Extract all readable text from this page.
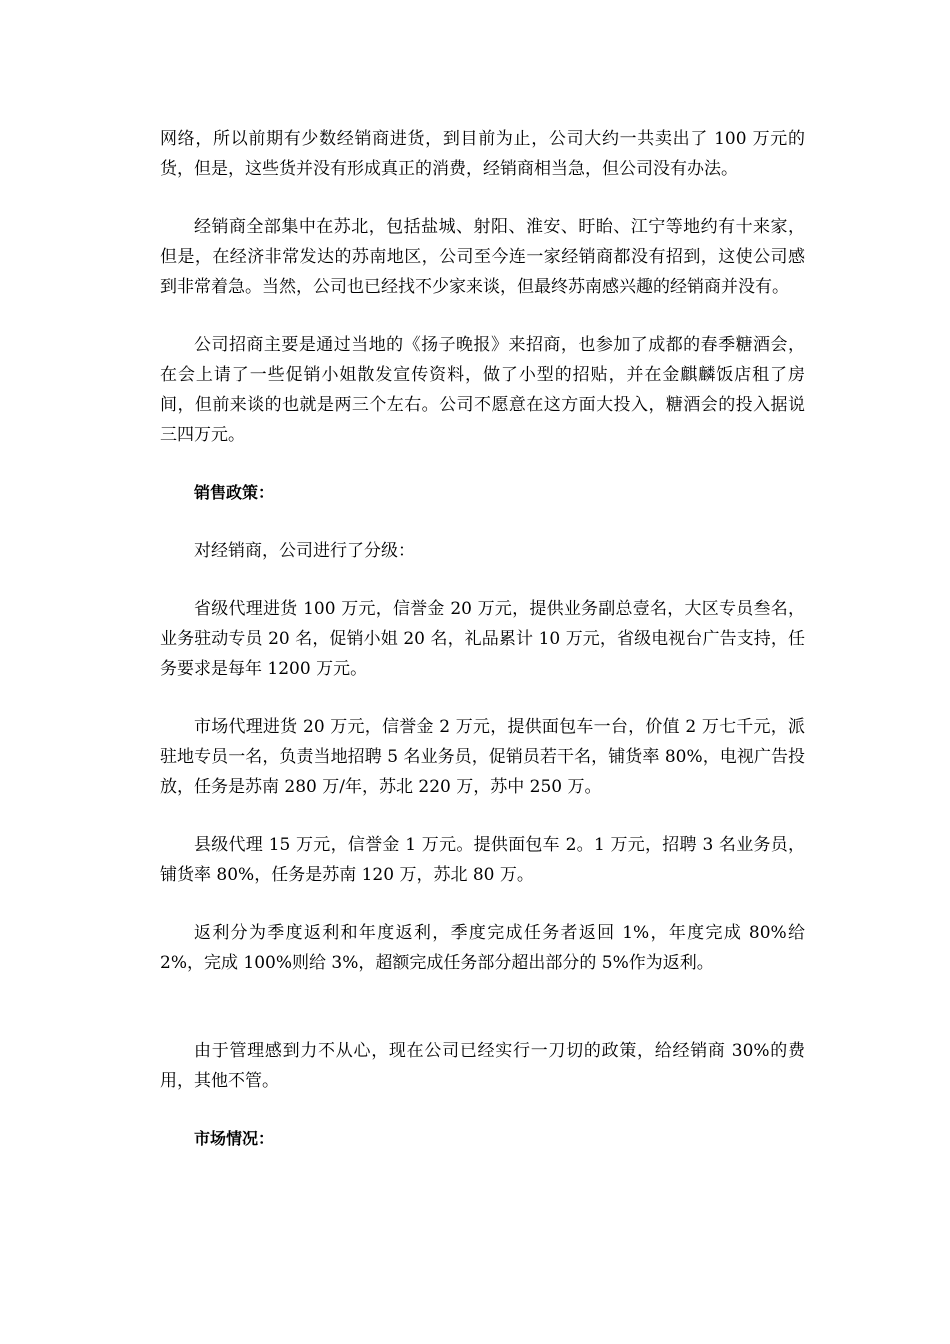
网络，所以前期有少数经销商进货，到目前为止，公司大约一共卖出了 100 万元的货，但是，这些货并没有形成真正的消费，经销商相当急，但公司没有办法。

经销商全部集中在苏北，包括盐城、射阳、淮安、盱眙、江宁等地约有十来家，但是，在经济非常发达的苏南地区，公司至今连一家经销商都没有招到，这使公司感到非常着急。当然，公司也已经找不少家来谈，但最终苏南感兴趣的经销商并没有。

公司招商主要是通过当地的《扬子晚报》来招商，也参加了成都的春季糖酒会，在会上请了一些促销小姐散发宣传资料，做了小型的招贴，并在金麒麟饭店租了房间，但前来谈的也就是两三个左右。公司不愿意在这方面大投入，糖酒会的投入据说三四万元。

销售政策：

对经销商，公司进行了分级：

省级代理进货 100 万元，信誉金 20 万元，提供业务副总壹名，大区专员叁名，业务驻动专员 20 名，促销小姐 20 名，礼品累计 10 万元，省级电视台广告支持，任务要求是每年 1200 万元。

市场代理进货 20 万元，信誉金 2 万元，提供面包车一台，价值 2 万七千元，派驻地专员一名，负责当地招聘 5 名业务员，促销员若干名，铺货率 80%，电视广告投放，任务是苏南 280 万/年，苏北 220 万，苏中 250 万。

县级代理 15 万元，信誉金 1 万元。提供面包车 2。1 万元，招聘 3 名业务员，铺货率 80%，任务是苏南 120 万，苏北 80 万。

返利分为季度返利和年度返利，季度完成任务者返回 1%，年度完成 80%给 2%，完成 100%则给 3%，超额完成任务部分超出部分的 5%作为返利。

由于管理感到力不从心，现在公司已经实行一刀切的政策，给经销商 30%的费用，其他不管。

市场情况：
